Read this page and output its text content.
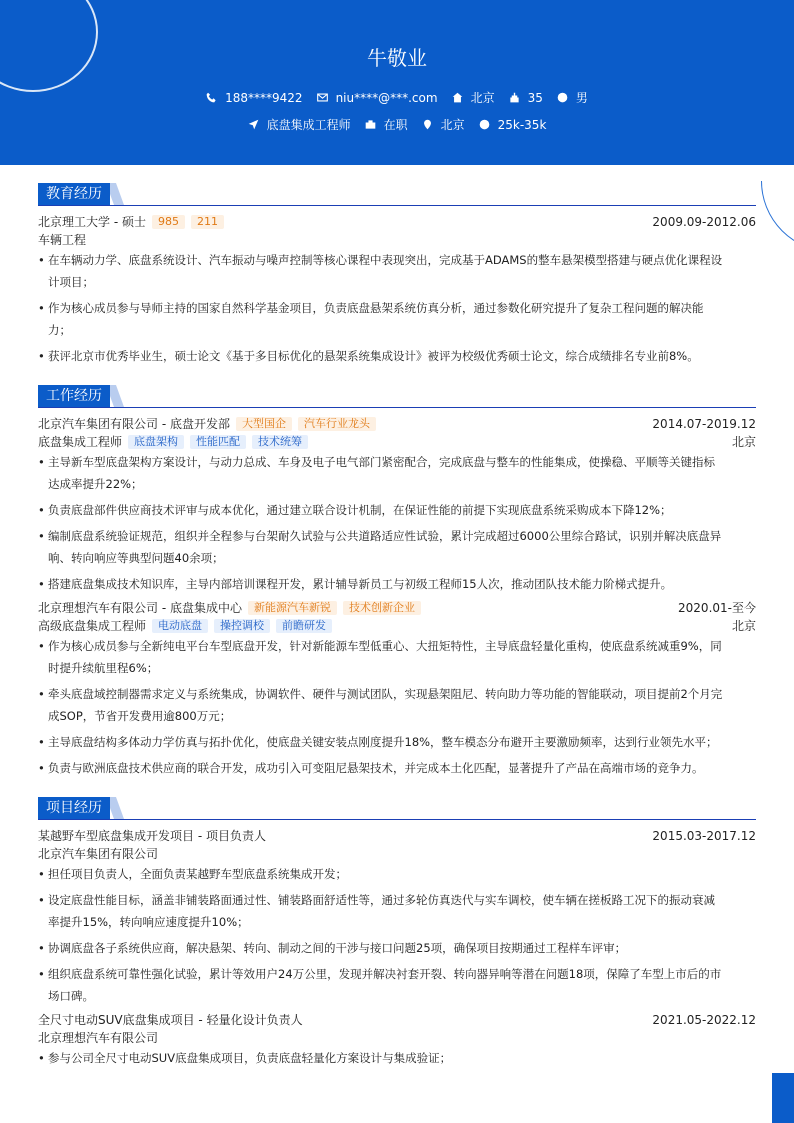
牛敬业
188****9422	niu****@***.com	北京	35	男
底盘集成工程师	在职	北京	25k-35k
教育经历
北京理工大学 - 硕士	985	211	2009.09-2012.06
车辆工程
• 在车辆动力学、底盘系统设计、汽车振动与噪声控制等核心课程中表现突出，完成基于ADAMS的整车悬架模型搭建与硬点优化课程设
计项目；
• 作为核心成员参与导师主持的国家自然科学基金项目，负责底盘悬架系统仿真分析，通过参数化研究提升了复杂工程问题的解决能
力；
• 获评北京市优秀毕业生，硕士论文《基于多目标优化的悬架系统集成设计》被评为校级优秀硕士论文，综合成绩排名专业前8%。
工作经历
北京汽车集团有限公司 - 底盘开发部	大型国企	汽车行业龙头	2014.07-2019.12
底盘集成工程师	底盘架构	性能匹配	技术统筹	北京
• 主导新车型底盘架构方案设计，与动力总成、车身及电子电气部门紧密配合，完成底盘与整车的性能集成，使操稳、平顺等关键指标
达成率提升22%；
• 负责底盘部件供应商技术评审与成本优化，通过建立联合设计机制，在保证性能的前提下实现底盘系统采购成本下降12%；
• 编制底盘系统验证规范，组织并全程参与台架耐久试验与公共道路适应性试验，累计完成超过6000公里综合路试，识别并解决底盘异
响、转向响应等典型问题40余项；
• 搭建底盘集成技术知识库，主导内部培训课程开发，累计辅导新员工与初级工程师15人次，推动团队技术能力阶梯式提升。
北京理想汽车有限公司 - 底盘集成中心	新能源汽车新锐	技术创新企业	2020.01-至今
高级底盘集成工程师	电动底盘	操控调校	前瞻研发	北京
• 作为核心成员参与全新纯电平台车型底盘开发，针对新能源车型低重心、大扭矩特性，主导底盘轻量化重构，使底盘系统减重9%，同
时提升续航里程6%；
• 牵头底盘域控制器需求定义与系统集成，协调软件、硬件与测试团队，实现悬架阻尼、转向助力等功能的智能联动，项目提前2个月完
成SOP，节省开发费用逾800万元；
• 主导底盘结构多体动力学仿真与拓扑优化，使底盘关键安装点刚度提升18%，整车模态分布避开主要激励频率，达到行业领先水平；
• 负责与欧洲底盘技术供应商的联合开发，成功引入可变阻尼悬架技术，并完成本土化匹配，显著提升了产品在高端市场的竞争力。
项目经历
某越野车型底盘集成开发项目 - 项目负责人	2015.03-2017.12
北京汽车集团有限公司
• 担任项目负责人，全面负责某越野车型底盘系统集成开发；
• 设定底盘性能目标，涵盖非铺装路面通过性、铺装路面舒适性等，通过多轮仿真迭代与实车调校，使车辆在搓板路工况下的振动衰减
率提升15%，转向响应速度提升10%；
• 协调底盘各子系统供应商，解决悬架、转向、制动之间的干涉与接口问题25项，确保项目按期通过工程样车评审；
• 组织底盘系统可靠性强化试验，累计等效用户24万公里，发现并解决衬套开裂、转向器异响等潜在问题18项，保障了车型上市后的市
场口碑。
全尺寸电动SUV底盘集成项目 - 轻量化设计负责人	2021.05-2022.12
北京理想汽车有限公司
• 参与公司全尺寸电动SUV底盘集成项目，负责底盘轻量化方案设计与集成验证；
